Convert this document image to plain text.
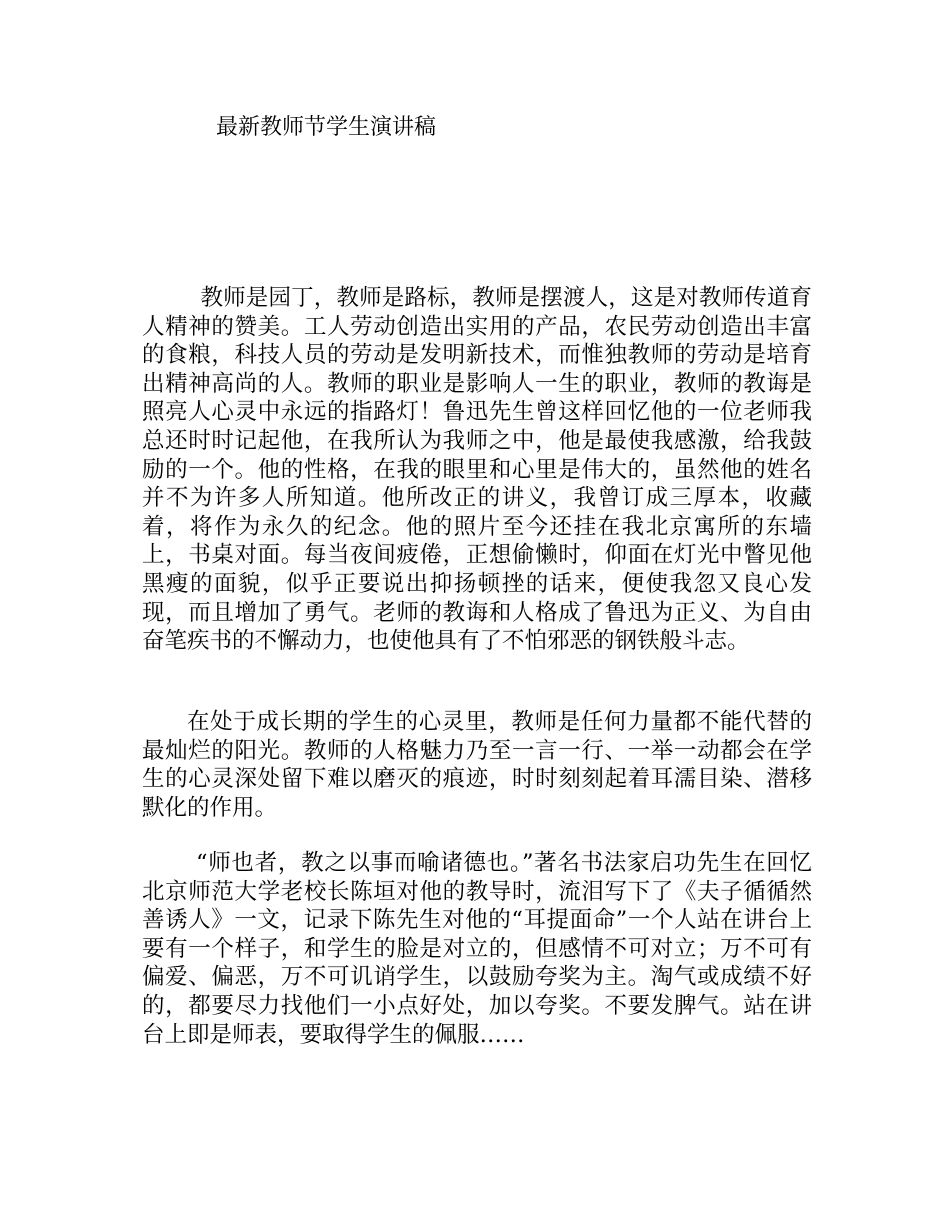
最新教师节学生演讲稿

教师是园丁，教师是路标，教师是摆渡人，这是对教师传道育人精神的赞美。工人劳动创造出实用的产品，农民劳动创造出丰富的食粮，科技人员的劳动是发明新技术，而惟独教师的劳动是培育出精神高尚的人。教师的职业是影响人一生的职业，教师的教诲是照亮人心灵中永远的指路灯！鲁迅先生曾这样回忆他的一位老师我总还时时记起他，在我所认为我师之中，他是最使我感激，给我鼓励的一个。他的性格，在我的眼里和心里是伟大的，虽然他的姓名并不为许多人所知道。他所改正的讲义，我曾订成三厚本，收藏着，将作为永久的纪念。他的照片至今还挂在我北京寓所的东墙上，书桌对面。每当夜间疲倦，正想偷懒时，仰面在灯光中瞥见他黑瘦的面貌，似乎正要说出抑扬顿挫的话来，便使我忽又良心发现，而且增加了勇气。老师的教诲和人格成了鲁迅为正义、为自由奋笔疾书的不懈动力，也使他具有了不怕邪恶的钢铁般斗志。

在处于成长期的学生的心灵里，教师是任何力量都不能代替的最灿烂的阳光。教师的人格魅力乃至一言一行、一举一动都会在学生的心灵深处留下难以磨灭的痕迹，时时刻刻起着耳濡目染、潜移默化的作用。

“师也者，教之以事而喻诸德也。”著名书法家启功先生在回忆北京师范大学老校长陈垣对他的教导时，流泪写下了《夫子循循然善诱人》一文，记录下陈先生对他的“耳提面命”一个人站在讲台上要有一个样子，和学生的脸是对立的，但感情不可对立；万不可有偏爱、偏恶，万不可讥诮学生，以鼓励夸奖为主。淘气或成绩不好的，都要尽力找他们一小点好处，加以夸奖。不要发脾气。站在讲台上即是师表，要取得学生的佩服……
